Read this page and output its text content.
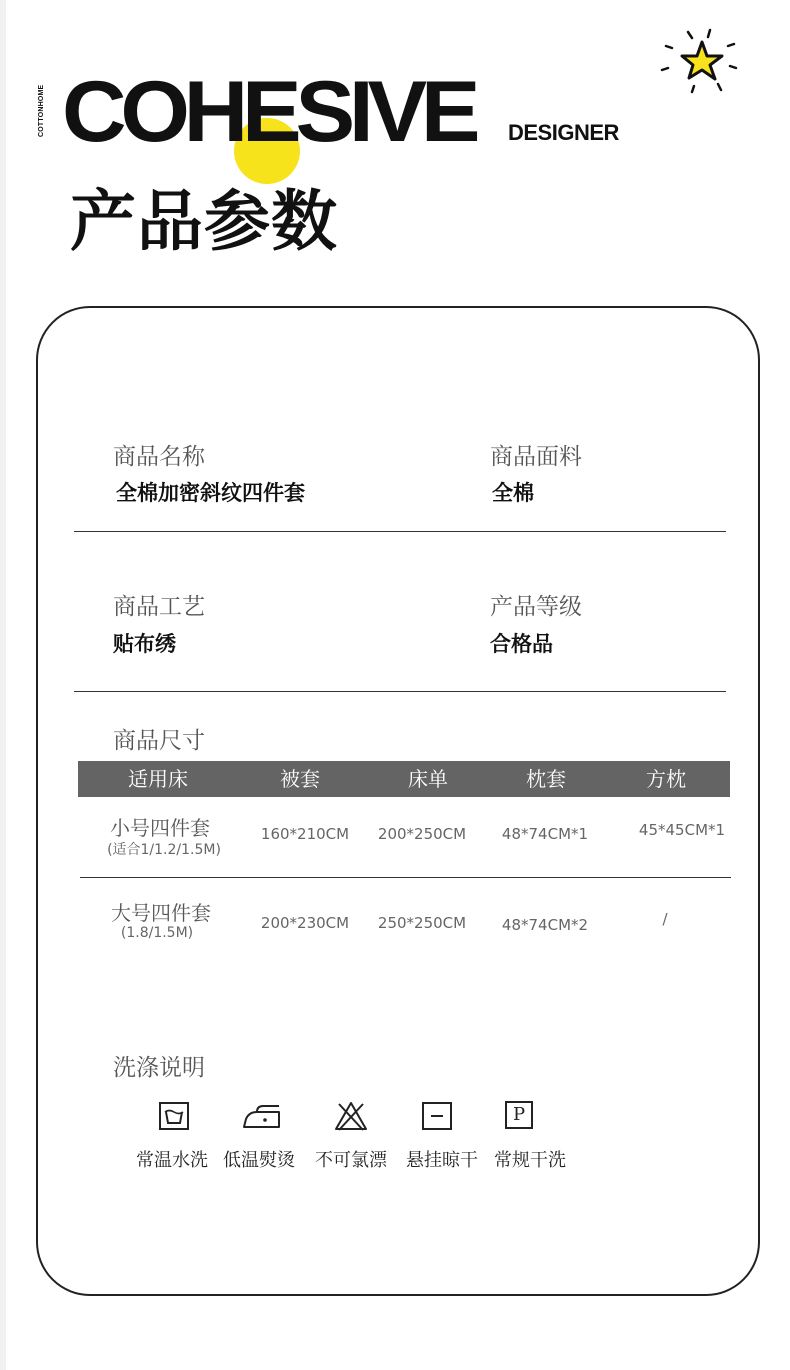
COTTONHOME COHESIVE DESIGNER
产品参数
商品名称
全棉加密斜纹四件套
商品面料
全棉
商品工艺
贴布绣
产品等级
合格品
商品尺寸
适用床	被套	床单	枕套	方枕
小号四件套
(适合1/1.2/1.5M)
160*210CM	200*250CM	48*74CM*1	45*45CM*1
大号四件套
(1.8/1.5M)
200*230CM	250*250CM	48*74CM*2	/
洗涤说明
P
常温水洗 低温熨烫 不可氯漂 悬挂晾干 常规干洗
